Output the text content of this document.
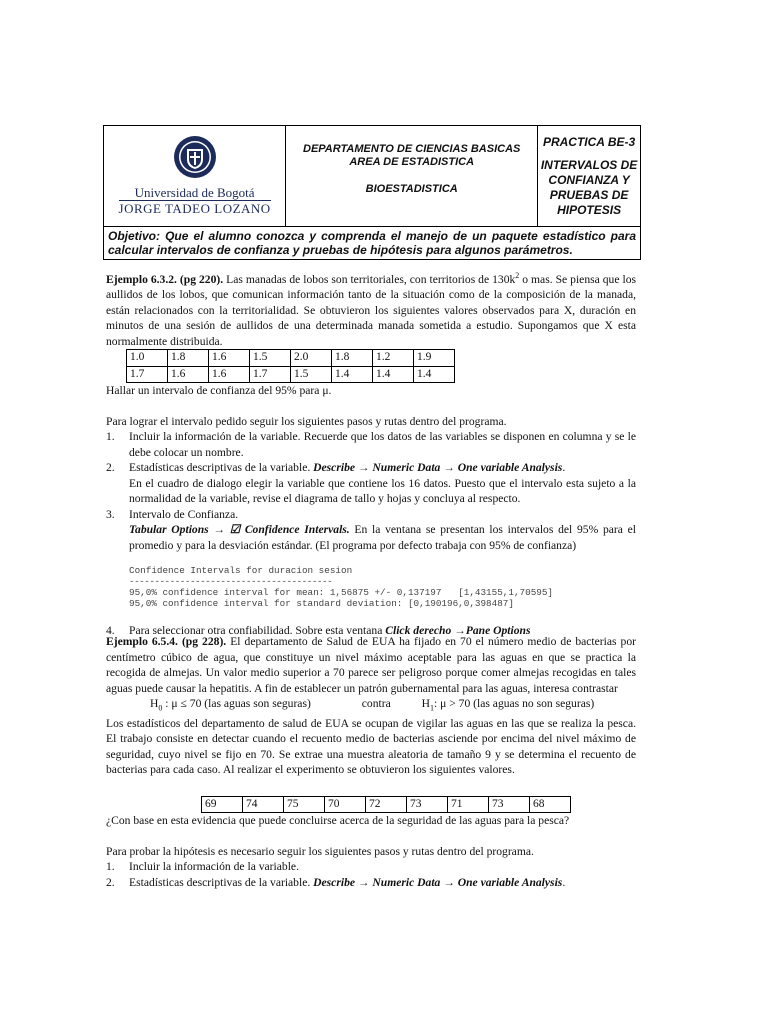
Universidad de Bogotá
JORGE TADEO LOZANO	
DEPARTAMENTO DE CIENCIAS BASICAS
AREA DE ESTADISTICA
BIOESTADISTICA

PRACTICA BE-3
INTERVALOS DE
CONFIANZA Y
PRUEBAS DE
HIPOTESIS

Objetivo: Que el alumno conozca y comprenda el manejo de un paquete estadístico para calcular intervalos de confianza y pruebas de hipótesis para algunos parámetros.

Ejemplo 6.3.2. (pg 220). Las manadas de lobos son territoriales, con territorios de $130k^2$ o mas. Se piensa que los aullidos de los lobos, que comunican información tanto de la situación como de la composición de la manada, están relacionados con la territorialidad. Se obtuvieron los siguientes valores observados para X, duración en minutos de una sesión de aullidos de una determinada manada sometida a estudio. Supongamos que X esta normalmente distribuida.

1.0	1.8	1.6	1.5	2.0	1.8	1.2	1.9
1.7	1.6	1.6	1.7	1.5	1.4	1.4	1.4

Hallar un intervalo de confianza del 95% para μ.

Para lograr el intervalo pedido seguir los siguientes pasos y rutas dentro del programa.

1. Incluir la información de la variable. Recuerde que los datos de las variables se disponen en columna y se le debe colocar un nombre.

2. Estadísticas descriptivas de la variable. Describe → Numeric Data → One variable Analysis.

En el cuadro de dialogo elegir la variable que contiene los 16 datos. Puesto que el intervalo esta sujeto a la normalidad de la variable, revise el diagrama de tallo y hojas y concluya al respecto.

3. Intervalo de Confianza.

Tabular Options → ☑ Confidence Intervals. En la ventana se presentan los intervalos del 95% para el promedio y para la desviación estándar. (El programa por defecto trabaja con 95% de confianza)

Confidence Intervals for duracion sesion
----------------------------------------
95,0% confidence interval for mean: 1,56875 +/- 0,137197   [1,43155,1,70595]
95,0% confidence interval for standard deviation: [0,190196,0,398487]
4. Para seleccionar otra confiabilidad. Sobre esta ventana Click derecho →Pane Options

Ejemplo 6.5.4. (pg 228). El departamento de Salud de EUA ha fijado en 70 el número medio de bacterias por centímetro cúbico de agua, que constituye un nivel máximo aceptable para las aguas en que se practica la recogida de almejas. Un valor medio superior a 70 parece ser peligroso porque comer almejas recogidas en tales aguas puede causar la hepatitis. A fin de establecer un patrón gubernamental para las aguas, interesa contrastar

$H_0$ : μ ≤ 70 (las aguas son seguras)	contra	$H_1$: μ > 70 (las aguas no son seguras)

Los estadísticos del departamento de salud de EUA se ocupan de vigilar las aguas en las que se realiza la pesca. El trabajo consiste en detectar cuando el recuento medio de bacterias asciende por encima del nivel máximo de seguridad, cuyo nivel se fijo en 70. Se extrae una muestra aleatoria de tamaño 9 y se determina el recuento de bacterias para cada caso. Al realizar el experimento se obtuvieron los siguientes valores.

69	74	75	70	72	73	71	73	68

¿Con base en esta evidencia que puede concluirse acerca de la seguridad de las aguas para la pesca?

Para probar la hipótesis es necesario seguir los siguientes pasos y rutas dentro del programa.

1. Incluir la información de la variable.

2. Estadísticas descriptivas de la variable. Describe → Numeric Data → One variable Analysis.
